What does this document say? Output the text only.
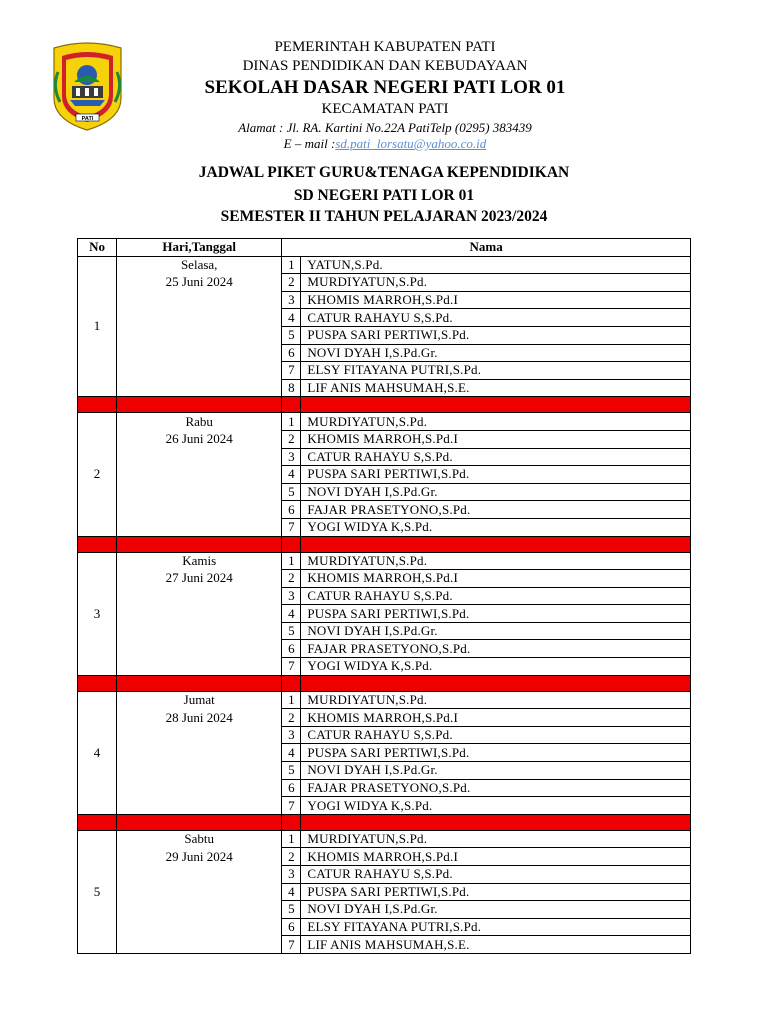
PATI
PEMERINTAH KABUPATEN PATI
DINAS PENDIDIKAN DAN KEBUDAYAAN
SEKOLAH DASAR NEGERI PATI LOR 01
KECAMATAN PATI
Alamat : Jl. RA. Kartini No.22A PatiTelp (0295) 383439
E – mail :sd.pati_lorsatu@yahoo.co.id
JADWAL PIKET GURU&TENAGA KEPENDIDIKAN
SD NEGERI PATI LOR 01
SEMESTER II TAHUN PELAJARAN 2023/2024
No	Hari,Tanggal	Nama	
1	Selasa,	1	YATUN,S.Pd.
	25 Juni 2024	2	MURDIYATUN,S.Pd.
		3	KHOMIS MARROH,S.Pd.I
		4	CATUR RAHAYU S,S.Pd.
		5	PUSPA SARI PERTIWI,S.Pd.
		6	NOVI DYAH I,S.Pd.Gr.
		7	ELSY FITAYANA PUTRI,S.Pd.
		8	LIF ANIS MAHSUMAH,S.E.

2	Rabu	1	MURDIYATUN,S.Pd.
	26 Juni 2024	2	KHOMIS MARROH,S.Pd.I
		3	CATUR RAHAYU S,S.Pd.
		4	PUSPA SARI PERTIWI,S.Pd.
		5	NOVI DYAH I,S.Pd.Gr.
		6	FAJAR PRASETYONO,S.Pd.
		7	YOGI WIDYA K,S.Pd.

3	Kamis	1	MURDIYATUN,S.Pd.
	27 Juni 2024	2	KHOMIS MARROH,S.Pd.I
		3	CATUR RAHAYU S,S.Pd.
		4	PUSPA SARI PERTIWI,S.Pd.
		5	NOVI DYAH I,S.Pd.Gr.
		6	FAJAR PRASETYONO,S.Pd.
		7	YOGI WIDYA K,S.Pd.

4	Jumat	1	MURDIYATUN,S.Pd.
	28 Juni 2024	2	KHOMIS MARROH,S.Pd.I
		3	CATUR RAHAYU S,S.Pd.
		4	PUSPA SARI PERTIWI,S.Pd.
		5	NOVI DYAH I,S.Pd.Gr.
		6	FAJAR PRASETYONO,S.Pd.
		7	YOGI WIDYA K,S.Pd.

5	Sabtu	1	MURDIYATUN,S.Pd.
	29 Juni 2024	2	KHOMIS MARROH,S.Pd.I
		3	CATUR RAHAYU S,S.Pd.
		4	PUSPA SARI PERTIWI,S.Pd.
		5	NOVI DYAH I,S.Pd.Gr.
		6	ELSY FITAYANA PUTRI,S.Pd.
		7	LIF ANIS MAHSUMAH,S.E.
